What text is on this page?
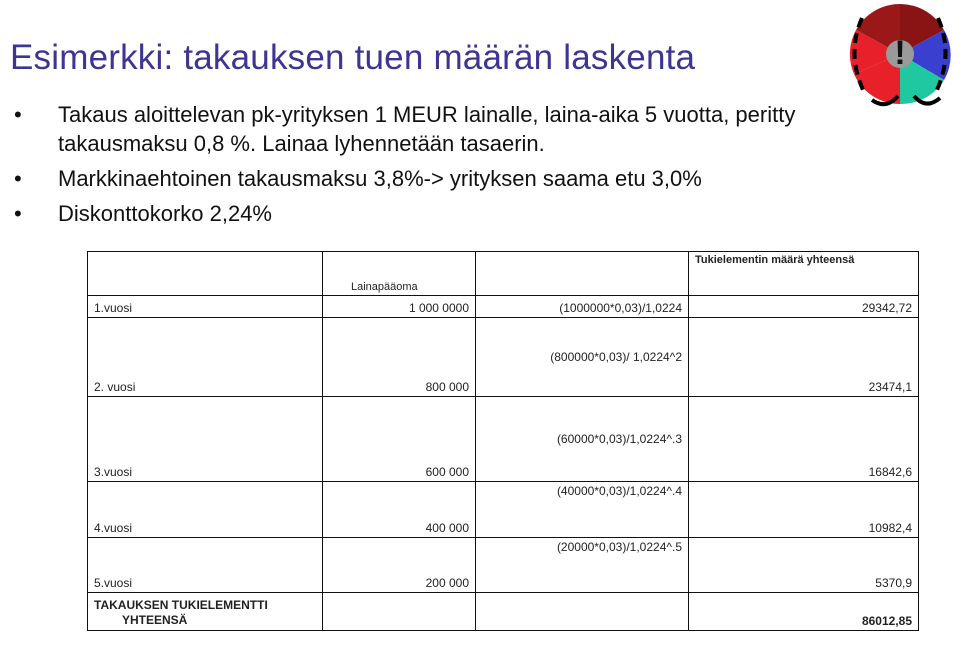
Esimerkki: takauksen tuen määrän laskenta	!
• Takaus aloittelevan pk-yrityksen 1 MEUR lainalle, laina-aika 5 vuotta, peritty takausmaksu 0,8 %. Lainaa lyhennetään tasaerin.
• Markkinaehtoinen takausmaksu 3,8%-> yrityksen saama etu 3,0%
• Diskonttokorko 2,24%
	Lainapääoma		Tukielementin määrä yhteensä
1.vuosi	1 000 0000	(1000000*0,03)/1,0224	29342,72
2. vuosi	800 000	(800000*0,03)/ 1,0224^2	23474,1
3.vuosi	600 000	(60000*0,03)/1,0224^.3	16842,6
4.vuosi	400 000	(40000*0,03)/1,0224^.4	10982,4
5.vuosi	200 000	(20000*0,03)/1,0224^.5	5370,9

TAKAUKSEN TUKIELEMENTTI
YHTEENSÄ			86012,85
